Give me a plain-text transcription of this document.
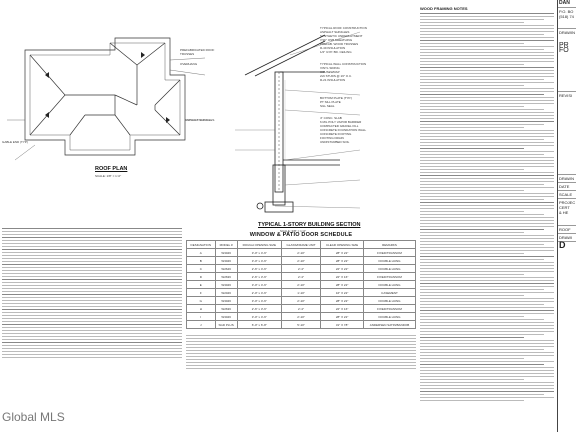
PREFABRICATED ROOF TRUSSES
OVERHANG
GABLE END (TYP)
ASPHALT SHINGLES
ROOF PLAN
SCALE: 1/8" = 1'-0"
TYPICAL ROOF CONSTRUCTION
ASPHALT SHINGLES
SYNTHETIC UNDERLAYMENT
7/16" OSB SHEATHING
PREFAB. WOOD TRUSSES
R-49 INSULATION
1/2" GYP. BD. CEILING
TYPICAL WALL CONSTRUCTION
VINYL SIDING
HOUSEWRAP
2x6 STUDS @ 16" O.C.
R-21 INSULATION
BOTTOM PLATE (TYP.)
PT SILL PLATE
SILL SEAL
4" CONC. SLAB
6 MIL POLY VAPOR BARRIER
COMPACTED GRAVEL FILL
CONCRETE FOUNDATION WALL
CONCRETE FOOTING
FOOTING DRAIN
UNDISTURBED SOIL
TYPICAL 1-STORY BUILDING SECTION
SCALE: 3/8" = 1'-0"
WINDOW & PATIO DOOR SCHEDULE
DESIGNATION	MODEL #	ROUGH OPENING SIZE	GLASS/FRAME UNIT	CLEAR OPENING SIZE	REMARKS
A	W3046	3'-0" x 4'-6"	2'-10"	28" X 22"	FIXED/TRANSOM
B	W3046	3'-0" x 4'-6"	2'-10"	28" X 22"	DOUBLE HUNG
C	W2646	2'-6" x 4'-6"	2'-4"	22" X 22"	DOUBLE HUNG
D	W2636	2'-6" x 3'-6"	2'-4"	22" X 16"	FIXED/TRANSOM
E	W3046	3'-0" x 4'-6"	2'-10"	28" X 22"	DOUBLE HUNG
F	W2046	2'-0" x 4'-6"	1'-10"	16" X 22"	CASEMENT
G	W3046	3'-0" x 4'-6"	2'-10"	28" X 22"	DOUBLE HUNG
H	W2636	2'-6" x 3'-6"	2'-4"	22" X 16"	FIXED/TRANSOM
I	W3046	3'-0" x 4'-6"	2'-10"	28" X 22"	DOUBLE HUNG
J	SGD PLUS	6'-0" x 6'-8"	5'-10"	31" X 78"	ANDERSEN SATIN/BANDOB
WOOD FRAMING NOTES
DAN
P.O. BO
(518) 74
DRAWIN
PR
FO
REVISI
DRAWN
DATE
SCALE
PROJEC
CERT
& HE
ROOF
DRAWI
D
Global MLS
